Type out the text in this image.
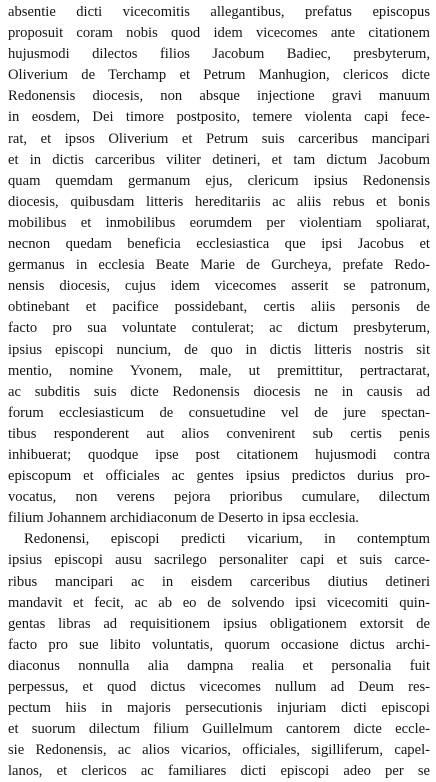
absentie dicti vicecomitis allegantibus, prefatus episcopus
proposuit coram nobis quod idem vicecomes ante citationem
hujusmodi dilectos filios Jacobum Badiec, presbyterum,
Oliverium de Terchamp et Petrum Manhugion, clericos dicte
Redonensis diocesis, non absque injectione gravi manuum
in eosdem, Dei timore postposito, temere violenta capi fece-
rat, et ipsos Oliverium et Petrum suis carceribus mancipari
et in dictis carceribus viliter detineri, et tam dictum Jacobum
quam quemdam germanum ejus, clericum ipsius Redonensis
diocesis, quibusdam litteris hereditariis ac aliis rebus et bonis
mobilibus et inmobilibus eorumdem per violentiam spoliarat,
necnon quedam beneficia ecclesiastica que ipsi Jacobus et
germanus in ecclesia Beate Marie de Gurcheya, prefate Redo-
nensis diocesis, cujus idem vicecomes asserit se patronum,
obtinebant et pacifice possidebant, certis aliis personis de
facto pro sua voluntate contulerat; ac dictum presbyterum,
ipsius episcopi nuncium, de quo in dictis litteris nostris sit
mentio, nomine Yvonem, male, ut premittitur, pertractarat,
ac subditis suis dicte Redonensis diocesis ne in causis ad
forum ecclesiasticum de consuetudine vel de jure spectan-
tibus responderent aut alios convenirent sub certis penis
inhibuerat; quodque ipse post citationem hujusmodi contra
episcopum et officiales ac gentes ipsius predictos durius pro-
vocatus, non verens pejora prioribus cumulare, dilectum
filium Johannem archidiaconum de Deserto in ipsa ecclesia.

Redonensi, episcopi predicti vicarium, in contemptum
ipsius episcopi ausu sacrilego personaliter capi et suis carce-
ribus mancipari ac in eisdem carceribus diutius detineri
mandavit et fecit, ac ab eo de solvendo ipsi vicecomiti quin-
gentas libras ad requisitionem ipsius obligationem extorsit de
facto pro sue libito voluntatis, quorum occasione dictus archi-
diaconus nonnulla alia dampna realia et personalia fuit
perpessus, et quod dictus vicecomes nullum ad Deum res-
pectum hiis in majoris persecutionis injuriam dicti episcopi
et suorum dilectum filium Guillelmum cantorem dicte eccle-
sie Redonensis, ac alios vicarios, officiales, sigilliferum, capel-
lanos, et clericos ac familiares dicti episcopi adeo per se
